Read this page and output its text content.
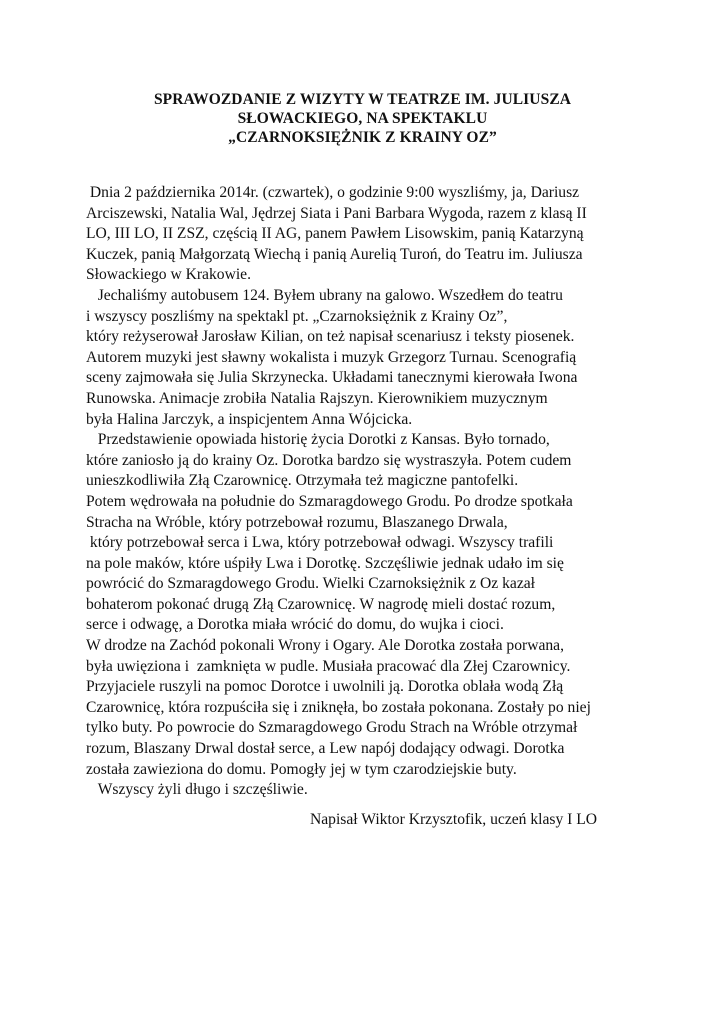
SPRAWOZDANIE Z WIZYTY W TEATRZE IM. JULIUSZA
SŁOWACKIEGO, NA SPEKTAKLU
„CZARNOKSIĘŻNIK Z KRAINY OZ”
Dnia 2 października 2014r. (czwartek), o godzinie 9:00 wyszliśmy, ja, Dariusz
Arciszewski, Natalia Wal, Jędrzej Siata i Pani Barbara Wygoda, razem z klasą II
LO, III LO, II ZSZ, częścią II AG, panem Pawłem Lisowskim, panią Katarzyną
Kuczek, panią Małgorzatą Wiechą i panią Aurelią Turoń, do Teatru im. Juliusza
Słowackiego w Krakowie.
Jechaliśmy autobusem 124. Byłem ubrany na galowo. Wszedłem do teatru
i wszyscy poszliśmy na spektakl pt. „Czarnoksiężnik z Krainy Oz”,
który reżyserował Jarosław Kilian, on też napisał scenariusz i teksty piosenek.
Autorem muzyki jest sławny wokalista i muzyk Grzegorz Turnau. Scenografią
sceny zajmowała się Julia Skrzynecka. Układami tanecznymi kierowała Iwona
Runowska. Animacje zrobiła Natalia Rajszyn. Kierownikiem muzycznym
była Halina Jarczyk, a inspicjentem Anna Wójcicka.
Przedstawienie opowiada historię życia Dorotki z Kansas. Było tornado,
które zaniosło ją do krainy Oz. Dorotka bardzo się wystraszyła. Potem cudem
unieszkodliwiła Złą Czarownicę. Otrzymała też magiczne pantofelki.
Potem wędrowała na południe do Szmaragdowego Grodu. Po drodze spotkała
Stracha na Wróble, który potrzebował rozumu, Blaszanego Drwala,
który potrzebował serca i Lwa, który potrzebował odwagi. Wszyscy trafili
na pole maków, które uśpiły Lwa i Dorotkę. Szczęśliwie jednak udało im się
powrócić do Szmaragdowego Grodu. Wielki Czarnoksiężnik z Oz kazał
bohaterom pokonać drugą Złą Czarownicę. W nagrodę mieli dostać rozum,
serce i odwagę, a Dorotka miała wrócić do domu, do wujka i cioci.
W drodze na Zachód pokonali Wrony i Ogary. Ale Dorotka została porwana,
była uwięziona i  zamknięta w pudle. Musiała pracować dla Złej Czarownicy.
Przyjaciele ruszyli na pomoc Dorotce i uwolnili ją. Dorotka oblała wodą Złą
Czarownicę, która rozpuściła się i zniknęła, bo została pokonana. Zostały po niej
tylko buty. Po powrocie do Szmaragdowego Grodu Strach na Wróble otrzymał
rozum, Blaszany Drwal dostał serce, a Lew napój dodający odwagi. Dorotka
została zawieziona do domu. Pomogły jej w tym czarodziejskie buty.
Wszyscy żyli długo i szczęśliwie.
Napisał Wiktor Krzysztofik, uczeń klasy I LO
